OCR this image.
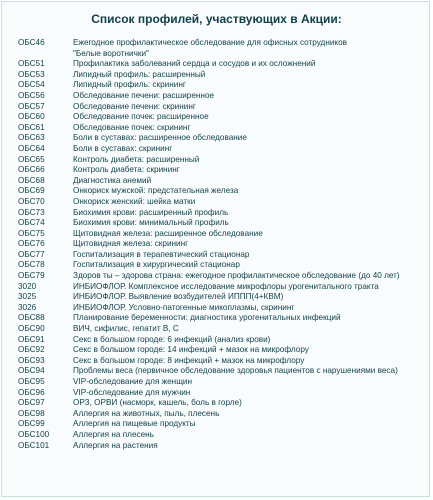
Список профилей, участвующих в Акции:
ОБС46	Ежегодное профилактическое обследование для офисных сотрудников
"Белые воротнички"
ОБС51	Профилактика заболеваний сердца и сосудов и их осложнений
ОБС53	Липидный профиль: расширенный
ОБС54	Липидный профиль: скрининг
ОБС56	Обследование печени: расширенное
ОБС57	Обследование печени: скрининг
ОБС60	Обследование почек: расширенное
ОБС61	Обследование почек: скрининг
ОБС63	Боли в суставах: расширенное обследование
ОБС64	Боли в суставах: скрининг
ОБС65	Контроль диабета: расширенный
ОБС66	Контроль диабета: скрининг
ОБС68	Диагностика анемий
ОБС69	Онкориск мужской: предстательная железа
ОБС70	Онкориск женский: шейка матки
ОБС73	Биохимия крови: расширенный профиль
ОБС74	Биохимия крови: минимальный профиль
ОБС75	Щитовидная железа: расширенное обследование
ОБС76	Щитовидная железа: скрининг
ОБС77	Госпитализация в терапевтический стационар
ОБС78	Госпитализация в хирургический стационар
ОБС79	Здоров ты – здорова страна: ежегодное профилактическое обследование (до 40 лет)
3020	ИНБИОФЛОР. Комплексное исследование микрофлоры урогенитального тракта
3025	ИНБИОФЛОР. Выявление возбудителей ИППП(4+КВМ)
3026	ИНБИОФЛОР. Условно-патогенные микоплазмы, скрининг
ОБС88	Планирование беременности: диагностика урогенитальных инфекций
ОБС90	ВИЧ, сифилис, гепатит В, С
ОБС91	Секс в большом городе: 6 инфекций (анализ крови)
ОБС92	Секс в большом городе: 14 инфекций + мазок на микрофлору
ОБС93	Секс в большом городе: 8 инфекций + мазок на микрофлору
ОБС94	Проблемы веса (первичное обследование здоровья пациентов с нарушениями веса)
ОБС95	VIP-обследование для женщин
ОБС96	VIP-обследование для мужчин
ОБС97	ОРЗ, ОРВИ (насморк, кашель, боль в горле)
ОБС98	Аллергия на животных, пыль, плесень
ОБС99	Аллергия на пищевые продукты
ОБС100	Аллергия на плесень
ОБС101	Аллергия на растения
